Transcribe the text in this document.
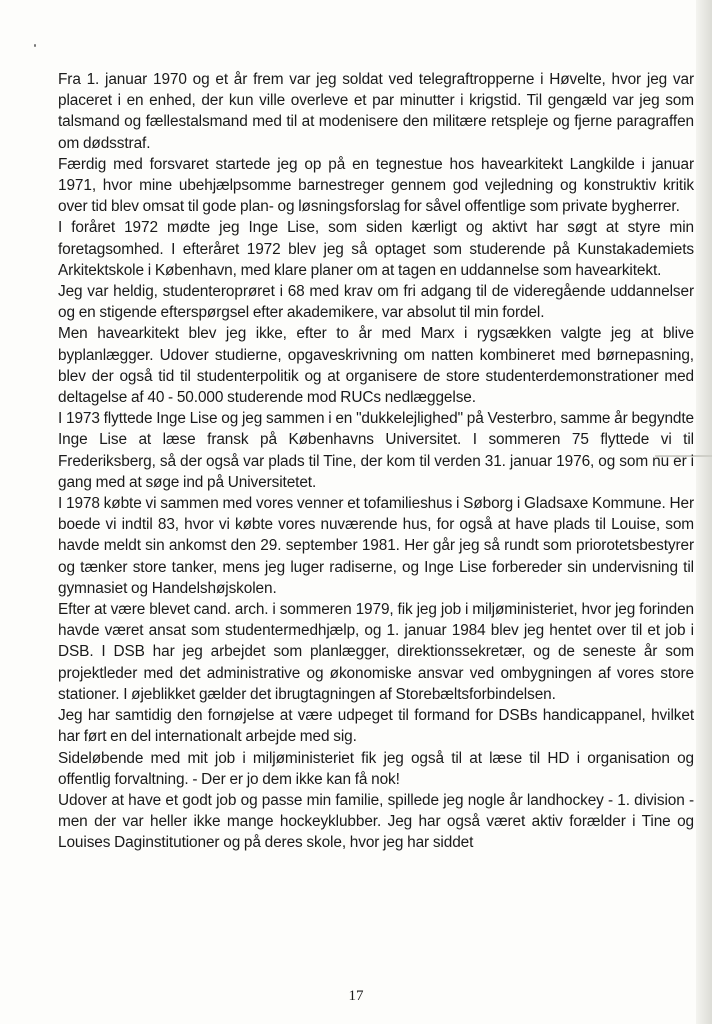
Fra 1. januar 1970 og et år frem var jeg soldat ved telegraftropperne i Høvelte, hvor jeg var placeret i en enhed, der kun ville overleve et par minutter i krigstid. Til gengæld var jeg som talsmand og fællestalsmand med til at modenisere den militære retspleje og fjerne paragraffen om dødsstraf.

Færdig med forsvaret startede jeg op på en tegnestue hos havearkitekt Langkilde i januar 1971, hvor mine ubehjælpsomme barnestreger gennem god vejledning og konstruktiv kritik over tid blev omsat til gode plan- og løsningsforslag for såvel offentlige som private bygherrer.

I foråret 1972 mødte jeg Inge Lise, som siden kærligt og aktivt har søgt at styre min foretagsomhed. I efteråret 1972 blev jeg så optaget som studerende på Kunstakademiets Arkitektskole i København, med klare planer om at tagen en uddannelse som havearkitekt.

Jeg var heldig, studenteroprøret i 68 med krav om fri adgang til de videregående uddannelser og en stigende efterspørgsel efter akademikere, var absolut til min fordel.

Men havearkitekt blev jeg ikke, efter to år med Marx i rygsækken valgte jeg at blive byplanlægger. Udover studierne, opgaveskrivning om natten kombineret med børnepasning, blev der også tid til studenterpolitik og at organisere de store studenterdemonstrationer med deltagelse af 40 - 50.000 studerende mod RUCs nedlæggelse.

I 1973 flyttede Inge Lise og jeg sammen i en "dukkelejlighed" på Vesterbro, samme år begyndte Inge Lise at læse fransk på Københavns Universitet. I sommeren 75 flyttede vi til Frederiksberg, så der også var plads til Tine, der kom til verden 31. januar 1976, og som nu er i gang med at søge ind på Universitetet.

I 1978 købte vi sammen med vores venner et tofamilieshus i Søborg i Gladsaxe Kommune. Her boede vi indtil 83, hvor vi købte vores nuværende hus, for også at have plads til Louise, som havde meldt sin ankomst den 29. september 1981. Her går jeg så rundt som priorotetsbestyrer og tænker store tanker, mens jeg luger radiserne, og Inge Lise forbereder sin undervisning til gymnasiet og Handelshøjskolen.

Efter at være blevet cand. arch. i sommeren 1979, fik jeg job i miljøministeriet, hvor jeg forinden havde været ansat som studentermedhjælp, og 1. januar 1984 blev jeg hentet over til et job i DSB. I DSB har jeg arbejdet som planlægger, direktionssekretær, og de seneste år som projektleder med det administrative og økonomiske ansvar ved ombygningen af vores store stationer. I øjeblikket gælder det ibrugtagningen af Storebæltsforbindelsen.

Jeg har samtidig den fornøjelse at være udpeget til formand for DSBs handicappanel, hvilket har ført en del internationalt arbejde med sig.

Sideløbende med mit job i miljøministeriet fik jeg også til at læse til HD i organisation og offentlig forvaltning. - Der er jo dem ikke kan få nok!

Udover at have et godt job og passe min familie, spillede jeg nogle år landhockey - 1. division - men der var heller ikke mange hockeyklubber. Jeg har også været aktiv forælder i Tine og Louises Daginstitutioner og på deres skole, hvor jeg har siddet

17
